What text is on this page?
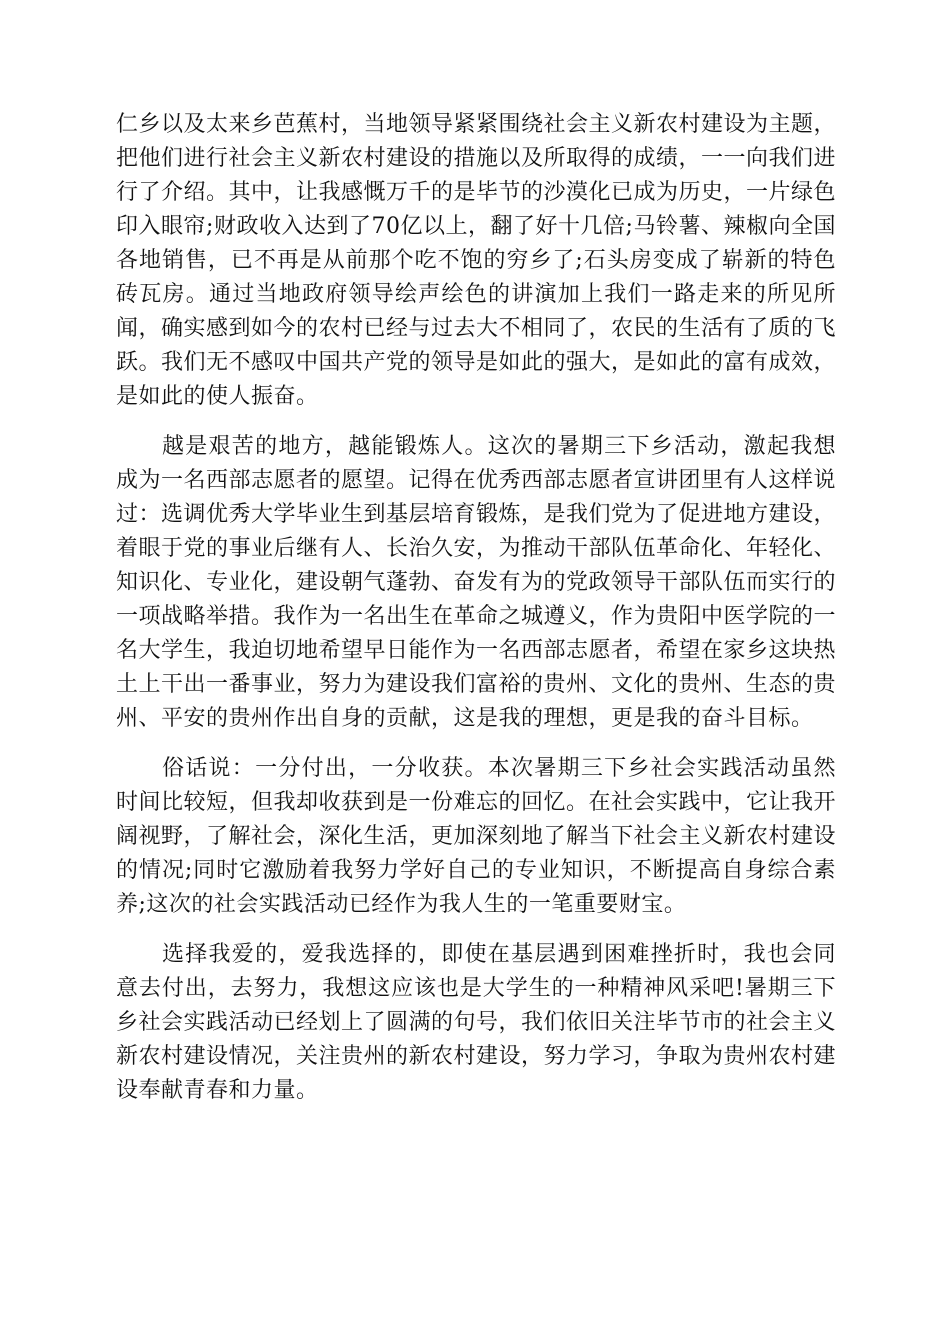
仁乡以及太来乡芭蕉村，当地领导紧紧围绕社会主义新农村建设为主题，把他们进行社会主义新农村建设的措施以及所取得的成绩，一一向我们进行了介绍。其中，让我感慨万千的是毕节的沙漠化已成为历史，一片绿色印入眼帘;财政收入达到了70亿以上，翻了好十几倍;马铃薯、辣椒向全国各地销售，已不再是从前那个吃不饱的穷乡了;石头房变成了崭新的特色砖瓦房。通过当地政府领导绘声绘色的讲演加上我们一路走来的所见所闻，确实感到如今的农村已经与过去大不相同了，农民的生活有了质的飞跃。我们无不感叹中国共产党的领导是如此的强大，是如此的富有成效，是如此的使人振奋。

越是艰苦的地方，越能锻炼人。这次的暑期三下乡活动，激起我想成为一名西部志愿者的愿望。记得在优秀西部志愿者宣讲团里有人这样说过：选调优秀大学毕业生到基层培育锻炼，是我们党为了促进地方建设，着眼于党的事业后继有人、长治久安，为推动干部队伍革命化、年轻化、知识化、专业化，建设朝气蓬勃、奋发有为的党政领导干部队伍而实行的一项战略举措。我作为一名出生在革命之城遵义，作为贵阳中医学院的一名大学生，我迫切地希望早日能作为一名西部志愿者，希望在家乡这块热土上干出一番事业，努力为建设我们富裕的贵州、文化的贵州、生态的贵州、平安的贵州作出自身的贡献，这是我的理想，更是我的奋斗目标。

俗话说：一分付出，一分收获。本次暑期三下乡社会实践活动虽然时间比较短，但我却收获到是一份难忘的回忆。在社会实践中，它让我开阔视野，了解社会，深化生活，更加深刻地了解当下社会主义新农村建设的情况;同时它激励着我努力学好自己的专业知识，不断提高自身综合素养;这次的社会实践活动已经作为我人生的一笔重要财宝。

选择我爱的，爱我选择的，即使在基层遇到困难挫折时，我也会同意去付出，去努力，我想这应该也是大学生的一种精神风采吧!暑期三下乡社会实践活动已经划上了圆满的句号，我们依旧关注毕节市的社会主义新农村建设情况，关注贵州的新农村建设，努力学习，争取为贵州农村建设奉献青春和力量。
